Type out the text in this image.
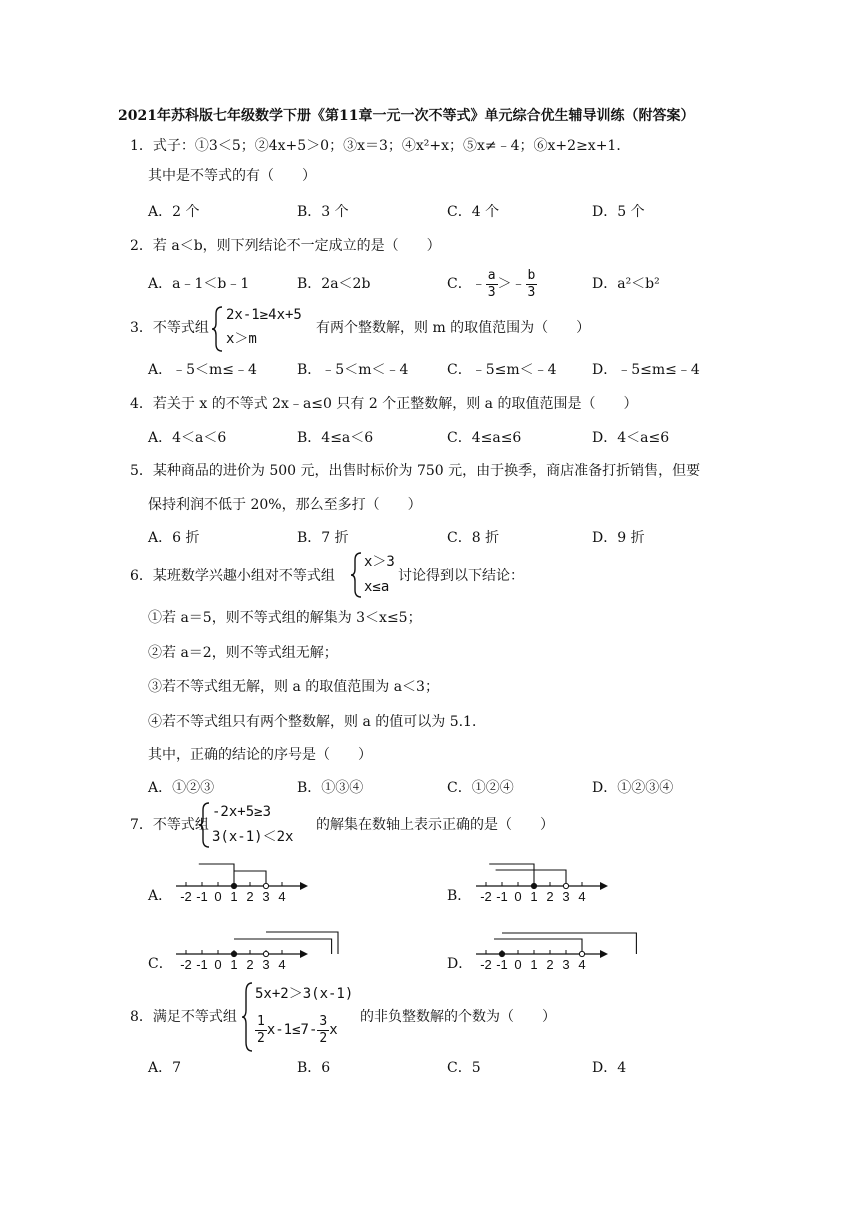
2021年苏科版七年级数学下册《第11章一元一次不等式》单元综合优生辅导训练（附答案）
1．式子：①3＜5；②4x+5＞0；③x＝3；④x²+x；⑤x≠﹣4；⑥x+2≥x+1．
其中是不等式的有（　　）
A．2 个	B．3 个	C．4 个	D．5 个
2．若 a＜b，则下列结论不一定成立的是（　　）
A．a﹣1＜b﹣1	B．2a＜2b	C．﹣ $\frac{a}{3}$ ＞﹣ $\frac{b}{3}$	D．a²＜b²
3．不等式组
2x-1≥4x+5
x＞m
有两个整数解，则 m 的取值范围为（　　）
A．﹣5＜m≤﹣4	B．﹣5＜m＜﹣4	C．﹣5≤m＜﹣4	D．﹣5≤m≤﹣4
4．若关于 x 的不等式 2x﹣a≤0 只有 2 个正整数解，则 a 的取值范围是（　　）
A．4＜a＜6	B．4≤a＜6	C．4≤a≤6	D．4＜a≤6
5．某种商品的进价为 500 元，出售时标价为 750 元，由于换季，商店准备打折销售，但要
保持利润不低于 20%，那么至多打（　　）
A．6 折	B．7 折	C．8 折	D．9 折
6．某班数学兴趣小组对不等式组
x＞3
x≤a
讨论得到以下结论：
①若 a＝5，则不等式组的解集为 3＜x≤5；
②若 a＝2，则不等式组无解；
③若不等式组无解，则 a 的取值范围为 a＜3；
④若不等式组只有两个整数解，则 a 的值可以为 5.1．
其中，正确的结论的序号是（　　）
A．①②③	B．①③④	C．①②④	D．①②③④
7．不等式组
-2x+5≥3
3(x-1)＜2x
的解集在数轴上表示正确的是（　　）
A．	B．
C．	D．
-2 -1 0 1 2 3 4	-2 -1 0 1 2 3 4
-2 -1 0 1 2 3 4	-2 -1 0 1 2 3 4
8．满足不等式组
5x+2＞3(x-1)
$\frac{1}{2} x-1\le 7- \frac{3}{2}$ x
的非负整数解的个数为（　　）
A．7	B．6	C．5	D．4
